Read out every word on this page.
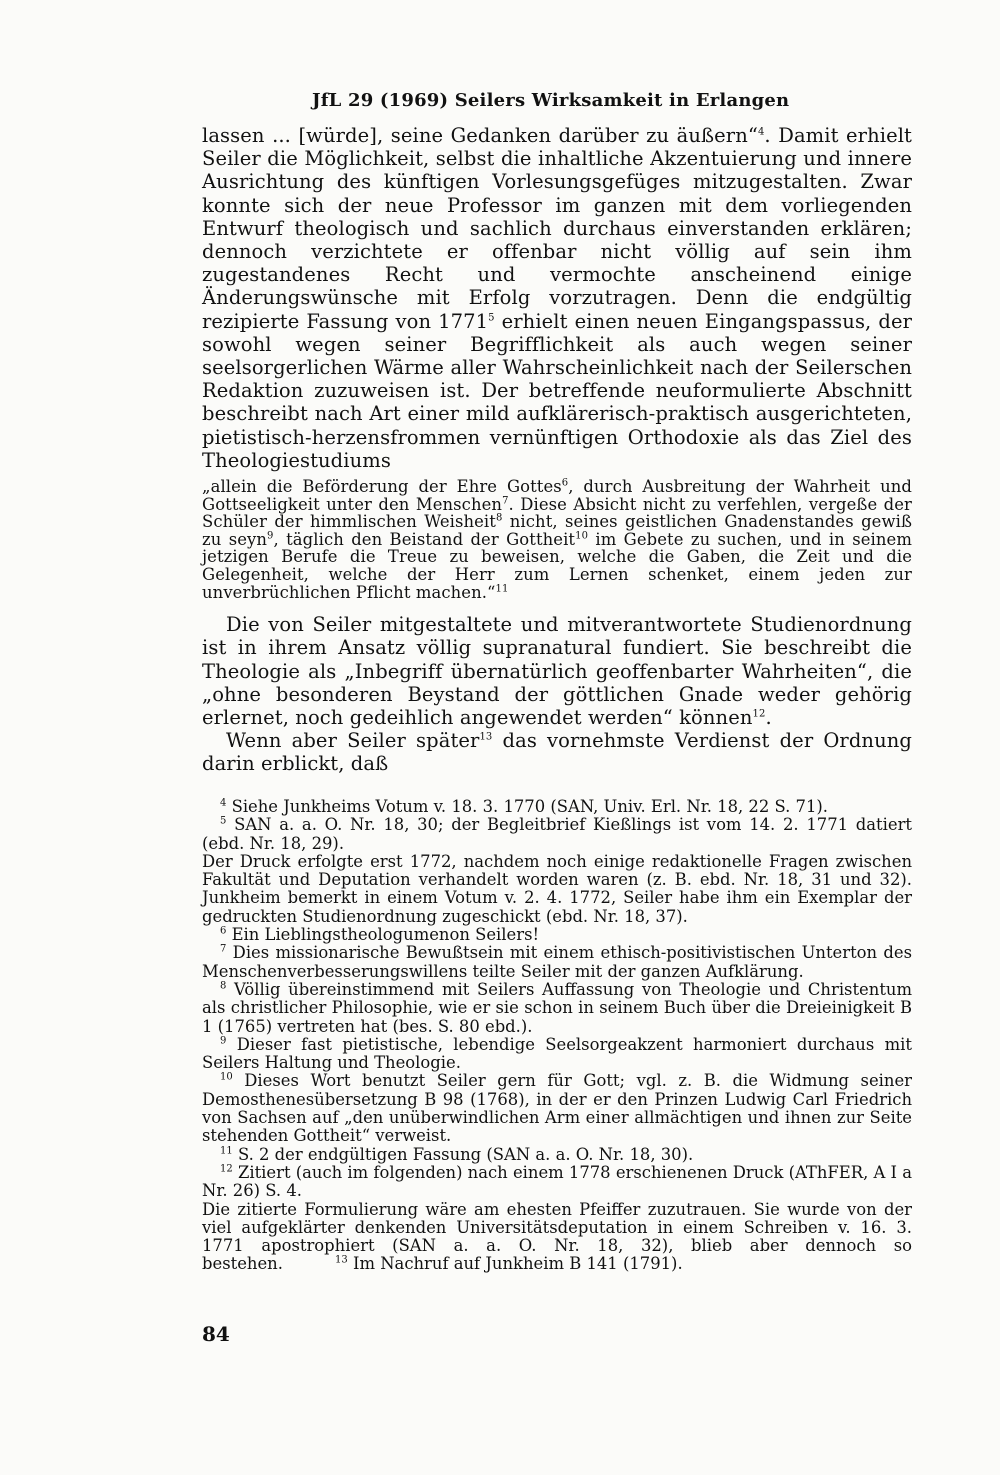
JfL 29 (1969) Seilers Wirksamkeit in Erlangen

lassen ... [würde], seine Gedanken darüber zu äußern“$^4$. Damit erhielt Seiler die Möglichkeit, selbst die inhaltliche Akzentuierung und innere Ausrichtung des künftigen Vorlesungsgefüges mitzugestalten. Zwar konnte sich der neue Professor im ganzen mit dem vorliegenden Entwurf theologisch und sachlich durchaus einverstanden erklären; dennoch verzichtete er offenbar nicht völlig auf sein ihm zugestandenes Recht und vermochte anscheinend einige Änderungswünsche mit Erfolg vorzutragen. Denn die endgültig rezipierte Fassung von 1771$^5$ erhielt einen neuen Eingangspassus, der sowohl wegen seiner Begrifflichkeit als auch wegen seiner seelsorgerlichen Wärme aller Wahrscheinlichkeit nach der Seilerschen Redaktion zuzuweisen ist. Der betreffende neuformulierte Abschnitt beschreibt nach Art einer mild aufklärerisch-praktisch ausgerichteten, pietistisch-herzensfrommen vernünftigen Orthodoxie als das Ziel des Theologiestudiums

„allein die Beförderung der Ehre Gottes$^6$, durch Ausbreitung der Wahrheit und Gottseeligkeit unter den Menschen$^7$. Diese Absicht nicht zu verfehlen, vergeße der Schüler der himmlischen Weisheit$^8$ nicht, seines geistlichen Gnadenstandes gewiß zu seyn$^9$, täglich den Beistand der Gottheit$^{10}$ im Gebete zu suchen, und in seinem jetzigen Berufe die Treue zu beweisen, welche die Gaben, die Zeit und die Gelegenheit, welche der Herr zum Lernen schenket, einem jeden zur unverbrüchlichen Pflicht machen.“$^{11}$

Die von Seiler mitgestaltete und mitverantwortete Studienordnung ist in ihrem Ansatz völlig supranatural fundiert. Sie beschreibt die Theologie als „Inbegriff übernatürlich geoffenbarter Wahrheiten“, die „ohne besonderen Beystand der göttlichen Gnade weder gehörig erlernet, noch gedeihlich angewendet werden“ können$^{12}$.

Wenn aber Seiler später$^{13}$ das vornehmste Verdienst der Ordnung darin erblickt, daß

$^4$ Siehe Junkheims Votum v. 18. 3. 1770 (SAN, Univ. Erl. Nr. 18, 22 S. 71).

$^5$ SAN a. a. O. Nr. 18, 30; der Begleitbrief Kießlings ist vom 14. 2. 1771 datiert (ebd. Nr. 18, 29).

Der Druck erfolgte erst 1772, nachdem noch einige redaktionelle Fragen zwischen Fakultät und Deputation verhandelt worden waren (z. B. ebd. Nr. 18, 31 und 32). Junkheim bemerkt in einem Votum v. 2. 4. 1772, Seiler habe ihm ein Exemplar der gedruckten Studienordnung zugeschickt (ebd. Nr. 18, 37).

$^6$ Ein Lieblingstheologumenon Seilers!

$^7$ Dies missionarische Bewußtsein mit einem ethisch-positivistischen Unterton des Menschenverbesserungswillens teilte Seiler mit der ganzen Aufklärung.

$^8$ Völlig übereinstimmend mit Seilers Auffassung von Theologie und Christentum als christlicher Philosophie, wie er sie schon in seinem Buch über die Dreieinigkeit B 1 (1765) vertreten hat (bes. S. 80 ebd.).

$^9$ Dieser fast pietistische, lebendige Seelsorgeakzent harmoniert durchaus mit Seilers Haltung und Theologie.

$^{10}$ Dieses Wort benutzt Seiler gern für Gott; vgl. z. B. die Widmung seiner Demosthenesübersetzung B 98 (1768), in der er den Prinzen Ludwig Carl Friedrich von Sachsen auf „den unüberwindlichen Arm einer allmächtigen und ihnen zur Seite stehenden Gottheit“ verweist.

$^{11}$ S. 2 der endgültigen Fassung (SAN a. a. O. Nr. 18, 30).

$^{12}$ Zitiert (auch im folgenden) nach einem 1778 erschienenen Druck (AThFER, A I a Nr. 26) S. 4.

Die zitierte Formulierung wäre am ehesten Pfeiffer zuzutrauen. Sie wurde von der viel aufgeklärter denkenden Universitätsdeputation in einem Schreiben v. 16. 3. 1771 apostrophiert (SAN a. a. O. Nr. 18, 32), blieb aber dennoch so bestehen.	$^{13}$ Im Nachruf auf Junkheim B 141 (1791).

84
